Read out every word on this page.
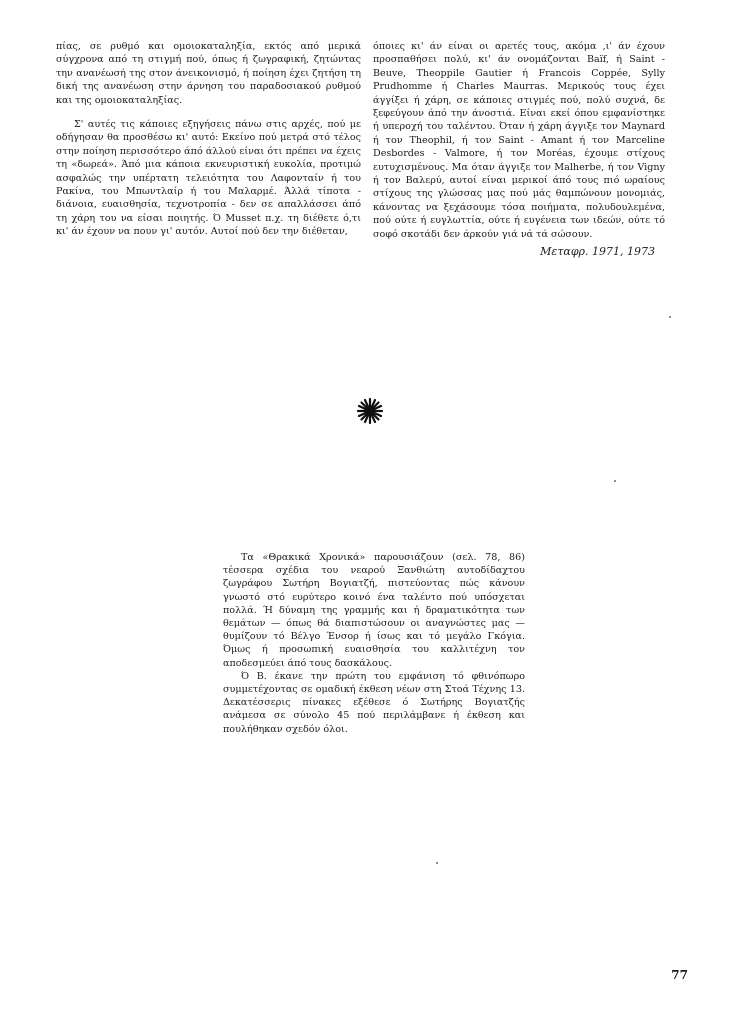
πίας, σε ρυθμό και ομοιοκαταληξία, εκτός από μερικά σύγχρονα από τη στιγμή πού, όπως ή ζωγραφική, ζητώντας την ανανέωσή της στον άνεικονισμό, ή ποίηση έχει ζητήση τη δική της ανανέωση στην άρνηση του παραδοσιακού ρυθμού και της ομοιοκαταληξίας.

Σ' αυτές τις κάποιες εξηγήσεις πάνω στις αρχές, πού με οδήγησαν θα προσθέσω κι' αυτό: Εκείνο πού μετρά στό τέλος στην ποίηση περισσότερο άπό άλλού είναι ότι πρέπει να έχεις τη «δωρεά». Άπό μια κάποια εκνευριστική ευκολία, προτιμώ ασφαλώς την υπέρτατη τελειότητα του Λαφονταίν ή του Ρακίνα, του Μπωντλαίρ ή του Μαλαρμέ. Άλλά τίποτα - διάνοια, ευαισθησία, τεχνοτροπία - δεν σε απαλλάσσει άπό τη χάρη του να είσαι ποιητής. Ό Musset π.χ. τη διέθετε ό,τι κι' άν έχουν να πουν γι' αυτόν. Αυτοί πού δεν την διέθεταν,

όποιες κι' άν είναι οι αρετές τους, ακόμα ,ι' άν έχουν προσπαθήσει πολύ, κι' άν ονομάζονται Baïf, ή Saint - Beuve, Theoppile Gautier ή Francois Coppée, Sylly Prudhomme ή Charles Maurras. Μερικούς τους έχει άγγίξει ή χάρη, σε κάποιες στιγμές πού, πολύ συχνά, δε ξεφεύγουν άπό την άνοστιά. Είναι εκεί όπου εμφανίστηκε ή υπεροχή του ταλέντου. Όταν ή χάρη άγγιξε τον Maynard ή τον Theophil, ή τον Saint - Amant ή τον Marceline Desbordes - Valmore, ή τον Moréas, έχουμε στίχους ευτυχισμένους. Μα όταν άγγιξε τον Malherbe, ή τον Vigny ή τον Βαλερύ, αυτοί είναι μερικοί άπό τους πιό ωραίους στίχους της γλώσσας μας πού μάς θαμπώνουν μονομιάς, κάνοντας να ξεχάσουμε τόσα ποιήματα, πολυδουλεμένα, πού ούτε ή ευγλωττία, ούτε ή ευγένεια των ιδεών, ούτε τό σοφό σκοτάδι δεν άρκούν γιά νά τά σώσουν.

Μεταφρ. 1971, 1973

Τα «Θρακικά Χρονικά» παρουσιάζουν (σελ. 78, 86) τέσσερα σχέδια του νεαρού Ξανθιώτη αυτοδίδαχτου ζωγράφου Σωτήρη Βογιατζή, πιστεύοντας πώς κάνουν γνωστό στό ευρύτερο κοινό ένα ταλέντο πού υπόσχεται πολλά. Ή δύναμη της γραμμής και ή δραματικότητα των θεμάτων — όπως θά διαπιστώσουν οι αναγνώστες μας — θυμίζουν τό Βέλγο Ένσορ ή ίσως και τό μεγάλο Γκόγια. Όμως ή προσωπική ευαισθησία του καλλιτέχνη τον αποδεσμεύει άπό τους δασκάλους.

Ό Β. έκανε την πρώτη του εμφάνιση τό φθινόπωρο συμμετέχοντας σε ομαδική έκθεση νέων στη Στοά Τέχνης 13. Δεκατέσσερις πίνακες εξέθεσε ό Σωτήρης Βογιατζής ανάμεσα σε σύνολο 45 πού περιλάμβανε ή έκθεση και πουλήθηκαν σχεδόν όλοι.

77
